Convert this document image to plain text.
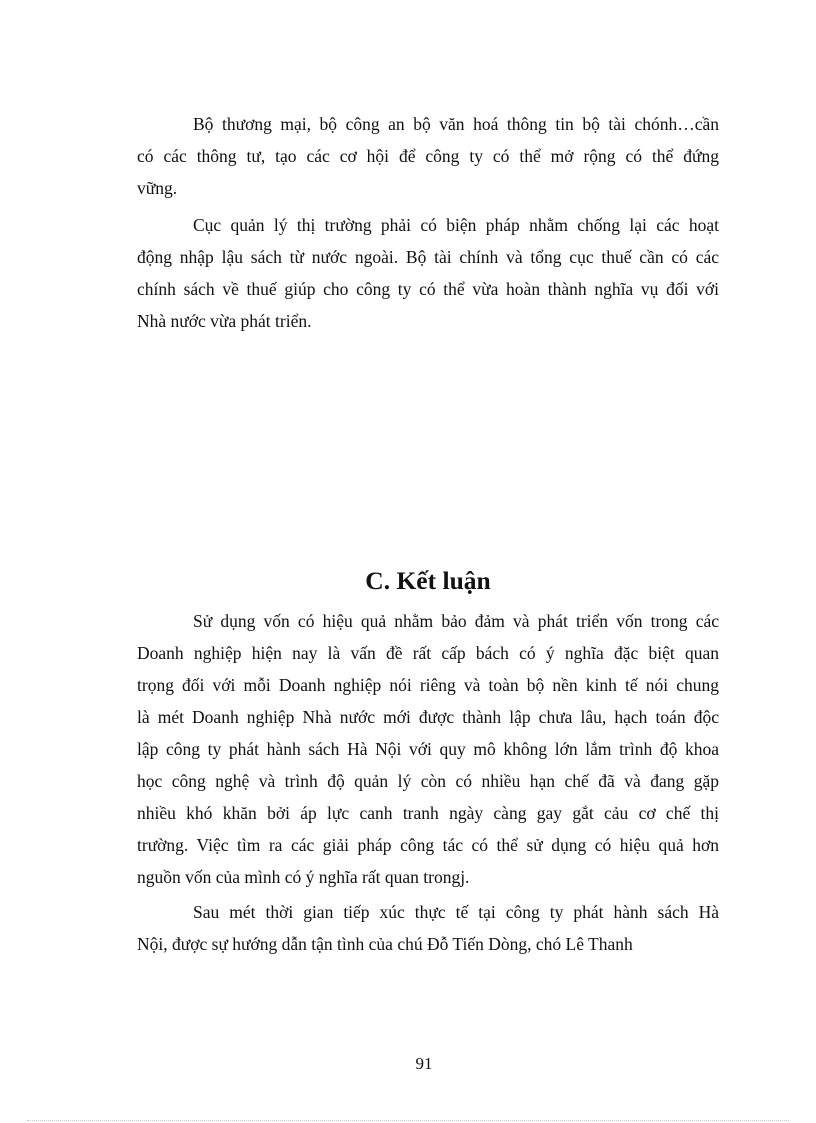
Bộ thương mại, bộ công an bộ văn hoá thông tin bộ tài chónh…cần
có các thông tư, tạo các cơ hội để công ty có thể mở rộng có thể đứng
vững.
Cục quản lý thị trường phải có biện pháp nhằm chống lại các hoạt
động nhập lậu sách từ nước ngoài. Bộ tài chính và tổng cục thuế cần có các
chính sách về thuế giúp cho công ty có thể vừa hoàn thành nghĩa vụ đối với
Nhà nước vừa phát triển.
C. Kết luận
Sử dụng vốn có hiệu quả nhằm bảo đảm và phát triển vốn trong các
Doanh nghiệp hiện nay là vấn đề rất cấp bách có ý nghĩa đặc biệt quan
trọng đối với mỗi Doanh nghiệp nói riêng và toàn bộ nền kinh tế nói chung
là mét Doanh nghiệp Nhà nước mới được thành lập chưa lâu, hạch toán độc
lập công ty phát hành sách Hà Nội với quy mô không lớn lắm trình độ khoa
học công nghệ và trình độ quản lý còn có nhiều hạn chế đã và đang gặp
nhiều khó khăn bởi áp lực canh tranh ngày càng gay gắt cảu cơ chế thị
trường. Việc tìm ra các giải pháp công tác có thể sử dụng có hiệu quả hơn
nguồn vốn của mình có ý nghĩa rất quan trongj.
Sau mét thời gian tiếp xúc thực tế tại công ty phát hành sách Hà
Nội, được sự hướng dẫn tận tình của chú Đỗ Tiến Dòng, chó Lê Thanh
91
